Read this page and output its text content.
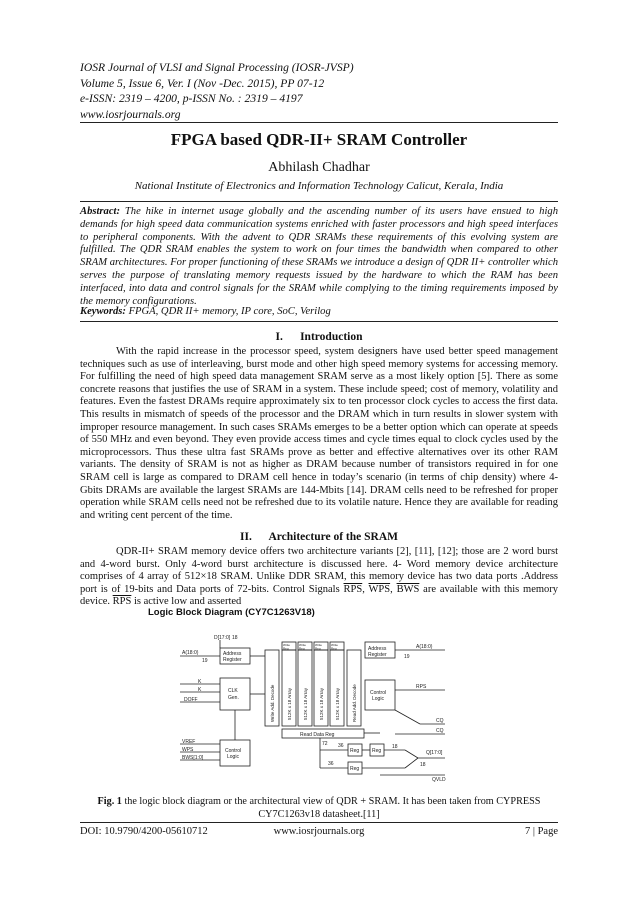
IOSR Journal of VLSI and Signal Processing (IOSR-JVSP)
Volume 5, Issue 6, Ver. I (Nov -Dec. 2015), PP 07-12
e-ISSN: 2319 – 4200, p-ISSN No. : 2319 – 4197
www.iosrjournals.org
FPGA based QDR-II+ SRAM Controller
Abhilash Chadhar
National Institute of Electronics and Information Technology Calicut, Kerala, India
Abstract: The hike in internet usage globally and the ascending number of its users have ensued to high demands for high speed data communication systems enriched with faster processors and high speed interfaces to peripheral components. With the advent to QDR SRAMs these requirements of this evolving system are fulfilled. The QDR SRAM enables the system to work on four times the bandwidth when compared to other SRAM architectures. For proper functioning of these SRAMs we introduce a design of QDR II+ controller which serves the purpose of translating memory requests issued by the hardware to which the RAM has been interfaced, into data and control signals for the SRAM while complying to the timing requirements imposed by the memory configurations.
Keywords: FPGA, QDR II+ memory, IP core, SoC, Verilog
I.      Introduction
With the rapid increase in the processor speed, system designers have used better speed management techniques such as use of interleaving, burst mode and other high speed memory systems for accessing memory. For fulfilling the need of high speed data management SRAM serve as a most likely option [5]. There as some concrete reasons that justifies the use of SRAM in a system. These include speed; cost of memory, volatility and features. Even the fastest DRAMs require approximately six to ten processor clock cycles to access the first data. This results in mismatch of speeds of the processor and the DRAM which in turn results in slower system with improper resource management. In such cases SRAMs emerges to be a better option which can operate at speeds of 550 MHz and even beyond. They even provide access times and cycle times equal to clock cycles used by the microprocessors. Thus these ultra fast SRAMs prove as better and effective alternatives over its other RAM variants. The density of SRAM is not as higher as DRAM because number of transistors required in for one SRAM cell is large as compared to DRAM cell hence in today’s scenario (in terms of chip density) where 4-Gbits DRAMs are available the largest SRAMs are 144-Mbits [14]. DRAM cells need to be refreshed for proper operation while SRAM cells need not be refreshed due to its volatile nature. Hence they are available for reading and writing cent percent of the time.
II.      Architecture of the SRAM
QDR-II+ SRAM memory device offers two architecture variants [2], [11], [12]; those are 2 word burst and 4-word burst. Only 4-word burst architecture is discussed here. 4- Word memory device architecture comprises of 4 array of 512×18 SRAM. Unlike DDR SRAM, this memory device has two data ports .Address port is of 19-bits and Data ports of 72-bits. Control Signals $\overline{RPS}$, $\overline{WPS}$, $\overline{BWS}$ are available with this memory device. $\overline{RPS}$ is active low and asserted
Logic Block Diagram (CY7C1263V18)
D[17:0] 18
A(18:0)
19
Address
Register
K
K
DOFF
CLK
Gen.
VREF
WPS
BWS[1:0]
Control
Logic
Write Add. Decode	Read Add. Decode
512K x 18 Array 512K x 18 Array 512K x 18 Array 512K x 18 Array
Write
Reg
Write
Reg
Write
Reg
Write
Reg
Read Data Reg
72 36
36
Reg	Reg
Reg
Address
Register
A(18:0)
19
Control
Logic
RPS
CQ
CQ
Q[17:0]
18
18
QVLD
Fig. 1 the logic block diagram or the architectural view of QDR + SRAM. It has been taken from CYPRESS CY7C1263v18 datasheet.[11]
DOI: 10.9790/4200-05610712	www.iosrjournals.org	7 | Page
